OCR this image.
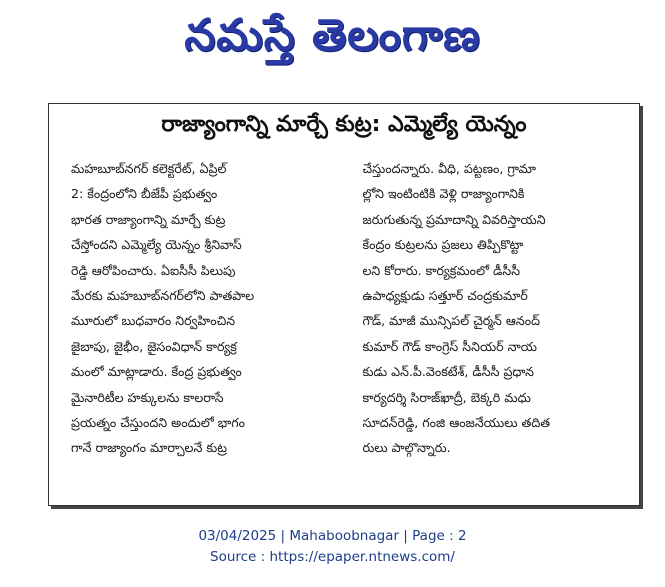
నమస్తే తెలంగాణ
రాజ్యాంగాన్ని మార్చే కుట్ర: ఎమ్మెల్యే యెన్నం

మహబూబ్‌నగర్ కలెక్టరేట్, ఏప్రిల్
2: కేంద్రంలోని బీజేపీ ప్రభుత్వం
భారత రాజ్యాంగాన్ని మార్చే కుట్ర
చేస్తోందని ఎమ్మెల్యే యెన్నం శ్రీనివాస్
రెడ్డి ఆరోపించారు. ఏఐసీసీ పిలుపు
మేరకు మహబూబ్‌నగర్‌లోని పాతపాల
మూరులో బుధవారం నిర్వహించిన
జైబాపు, జైభీం, జైసంవిధాన్ కార్యక్ర
మంలో మాట్లాడారు. కేంద్ర ప్రభుత్వం
మైనారిటీల హక్కులను కాలరాసే
ప్రయత్నం చేస్తుందని అందులో భాగం
గానే రాజ్యాంగం మార్చాలనే కుట్ర

చేస్తుందన్నారు. వీధి, పట్టణం, గ్రామా
ల్లోని ఇంటింటికి వెళ్లి రాజ్యాంగానికి
జరుగుతున్న ప్రమాదాన్ని వివరిస్తాయని
కేంద్రం కుట్రలను ప్రజలు తిప్పికొట్టా
లని కోరారు. కార్యక్రమంలో డీసీసీ
ఉపాధ్యక్షుడు సత్తూర్ చంద్రకుమార్
గౌడ్, మాజీ మున్సిపల్ చైర్మన్ ఆనంద్
కుమార్ గౌడ్ కాంగ్రెస్ సీనియర్ నాయ
కుడు ఎన్.పీ.వెంకటేశ్, డీసీసీ ప్రధాన
కార్యదర్శి సిరాజ్‌ఖాద్రీ, బెక్కరి మధు
సూదన్‌రెడ్డి, గంజి ఆంజనేయులు తదిత
రులు పాల్గొన్నారు.

03/04/2025 | Mahaboobnagar | Page : 2
Source : https://epaper.ntnews.com/
